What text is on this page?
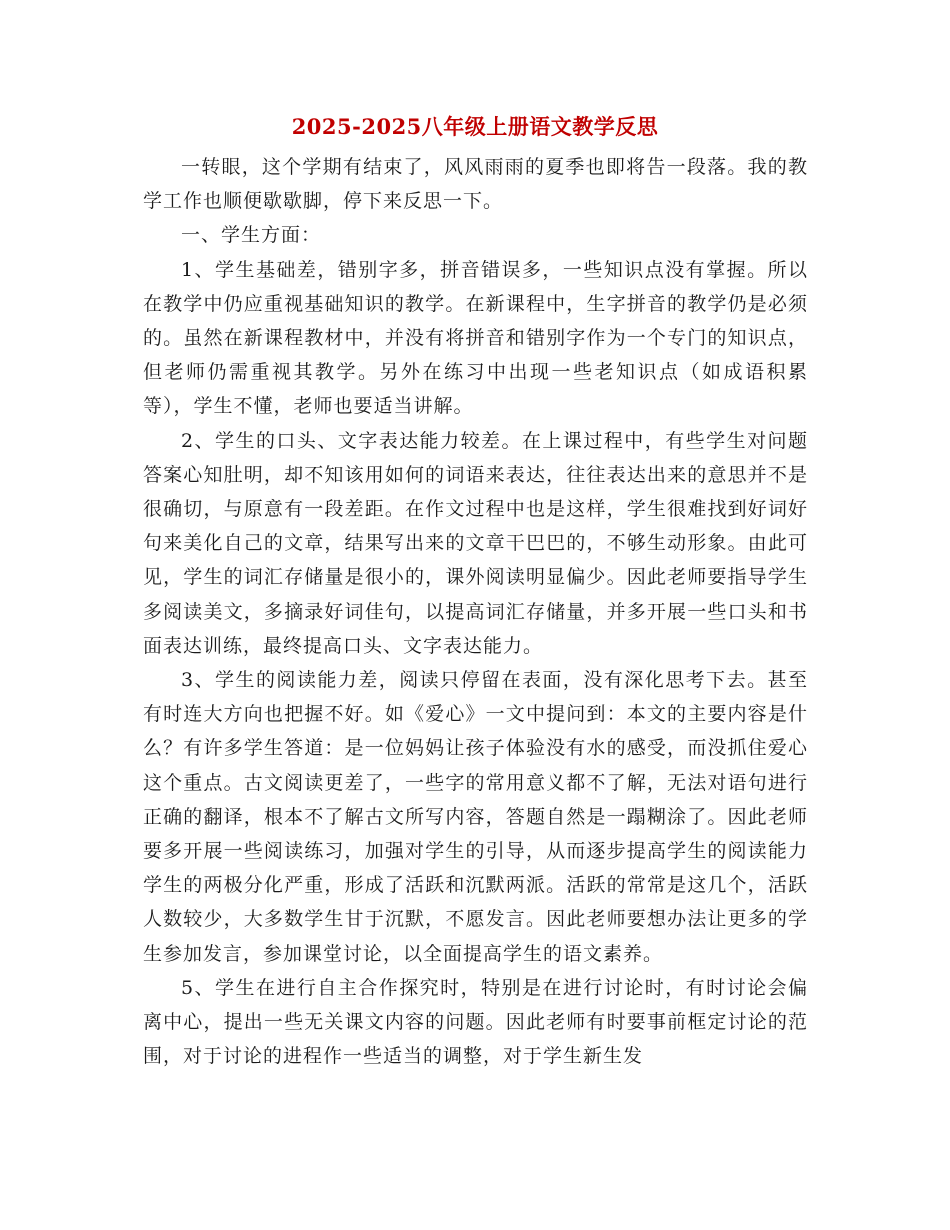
2025-2025八年级上册语文教学反思

一转眼，这个学期有结束了，风风雨雨的夏季也即将告一段落。我的教学工作也顺便歇歇脚，停下来反思一下。

一、学生方面：

1、学生基础差，错别字多，拼音错误多，一些知识点没有掌握。所以在教学中仍应重视基础知识的教学。在新课程中，生字拼音的教学仍是必须的。虽然在新课程教材中，并没有将拼音和错别字作为一个专门的知识点，但老师仍需重视其教学。另外在练习中出现一些老知识点（如成语积累等），学生不懂，老师也要适当讲解。

2、学生的口头、文字表达能力较差。在上课过程中，有些学生对问题答案心知肚明，却不知该用如何的词语来表达，往往表达出来的意思并不是很确切，与原意有一段差距。在作文过程中也是这样，学生很难找到好词好句来美化自己的文章，结果写出来的文章干巴巴的，不够生动形象。由此可见，学生的词汇存储量是很小的，课外阅读明显偏少。因此老师要指导学生多阅读美文，多摘录好词佳句，以提高词汇存储量，并多开展一些口头和书面表达训练，最终提高口头、文字表达能力。

3、学生的阅读能力差，阅读只停留在表面，没有深化思考下去。甚至有时连大方向也把握不好。如《爱心》一文中提问到：本文的主要内容是什么？有许多学生答道：是一位妈妈让孩子体验没有水的感受，而没抓住爱心这个重点。古文阅读更差了，一些字的常用意义都不了解，无法对语句进行正确的翻译，根本不了解古文所写内容，答题自然是一蹋糊涂了。因此老师要多开展一些阅读练习，加强对学生的引导，从而逐步提高学生的阅读能力学生的两极分化严重，形成了活跃和沉默两派。活跃的常常是这几个，活跃人数较少，大多数学生甘于沉默，不愿发言。因此老师要想办法让更多的学生参加发言，参加课堂讨论，以全面提高学生的语文素养。

5、学生在进行自主合作探究时，特别是在进行讨论时，有时讨论会偏离中心，提出一些无关课文内容的问题。因此老师有时要事前框定讨论的范围，对于讨论的进程作一些适当的调整，对于学生新生发
